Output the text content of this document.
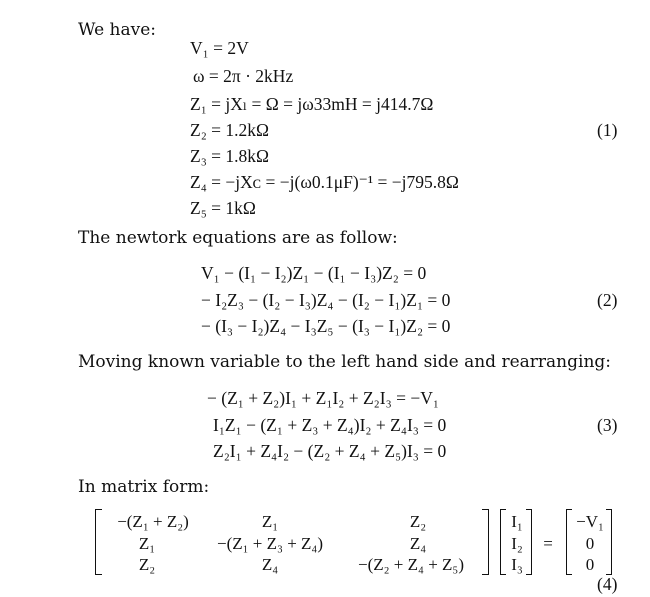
We have:
V₁ = 2V
ω = 2π · 2kHz
Z₁ = jXₗ = Ω = jω33mH = j414.7Ω
Z₂ = 1.2kΩ
Z₃ = 1.8kΩ
Z₄ = −jXᴄ = −j(ω0.1μF)⁻¹ = −j795.8Ω
Z₅ = 1kΩ
(1)
The newtork equations are as follow:
V₁ − (I₁ − I₂)Z₁ − (I₁ − I₃)Z₂ = 0
− I₂Z₃ − (I₂ − I₃)Z₄ − (I₂ − I₁)Z₁ = 0
− (I₃ − I₂)Z₄ − I₃Z₅ − (I₃ − I₁)Z₂ = 0
(2)
Moving known variable to the left hand side and rearranging:
− (Z₁ + Z₂)I₁ + Z₁I₂ + Z₂I₃ = −V₁
I₁Z₁ − (Z₁ + Z₃ + Z₄)I₂ + Z₄I₃ = 0
Z₂I₁ + Z₄I₂ − (Z₂ + Z₄ + Z₅)I₃ = 0
(3)
In matrix form:
−(Z₁ + Z₂)	Z₁	Z₂
Z₁	−(Z₁ + Z₃ + Z₄)	Z₄
Z₂	Z₄	−(Z₂ + Z₄ + Z₅)
I₁
I₂
I₃
=
−V₁
0
0
(4)
